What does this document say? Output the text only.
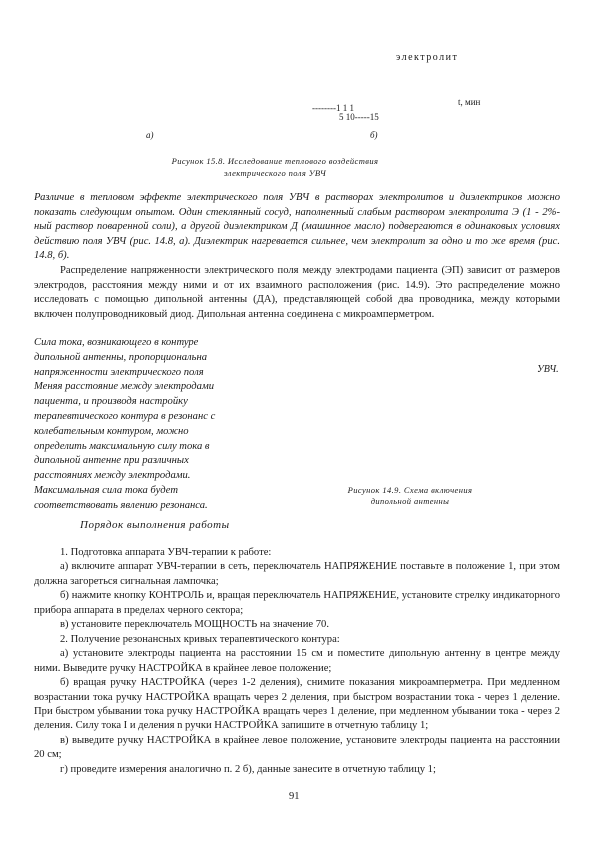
электролит
t, мин
--------1 1 1
5 10-----15
а)	б)
Рисунок 15.8. Исследование теплового воздействия
электрического поля УВЧ
Различие в тепловом эффекте электрического поля УВЧ в растворах электролитов и диэлектриков можно показать следующим опытом. Один стеклянный сосуд, наполненный слабым раствором электролита Э (1 - 2%-ный раствор поваренной соли), а другой диэлектриком Д (машинное масло) подвергаются в одинаковых условиях действию поля УВЧ (рис. 14.8, а). Диэлектрик нагревается сильнее, чем электролит за одно и то же время (рис. 14.8, б).
Распределение напряженности электрического поля между электродами пациента (ЭП) зависит от размеров электродов, расстояния между ними и от их взаимного расположения (рис. 14.9). Это распределение можно исследовать с помощью дипольной антенны (ДА), представляющей собой два проводника, между которыми включен полупроводниковый диод. Дипольная антенна соединена с микроамперметром.
Сила тока, возникающего в контуре
дипольной антенны, пропорциональна
напряженности электрического поля
Меняя расстояние между электродами
пациента, и производя настройку
терапевтического контура в резонанс с
колебательным контуром, можно
определить максимальную силу тока в
дипольной антенне при различных
расстояниях между электродами.
Максимальная сила тока будет
соответствовать явлению резонанса.
УВЧ.
Рисунок 14.9. Схема включения
дипольной антенны
Порядок выполнения работы

1. Подготовка аппарата УВЧ-терапии к работе:

а) включите аппарат УВЧ-терапии в сеть, переключатель НАПРЯЖЕНИЕ поставьте в положение 1, при этом должна загореться сигнальная лампочка;

б) нажмите кнопку КОНТРОЛЬ и, вращая переключатель НАПРЯЖЕНИЕ, установите стрелку индикаторного прибора аппарата в пределах черного сектора;

в) установите переключатель МОЩНОСТЬ на значение 70.

2. Получение резонансных кривых терапевтического контура:

а) установите электроды пациента на расстоянии 15 см и поместите дипольную антенну в центре между ними. Выведите ручку НАСТРОЙКА в крайнее левое положение;

б) вращая ручку НАСТРОЙКА (через 1-2 деления), снимите показания микроамперметра. При медленном возрастании тока ручку НАСТРОЙКА вращать через 2 деления, при быстром возрастании тока - через 1 деление. При быстром убывании тока ручку НАСТРОЙКА вращать через 1 деление, при медленном убывании тока - через 2 деления. Силу тока I и деления n ручки НАСТРОЙКА запишите в отчетную таблицу 1;

в) выведите ручку НАСТРОЙКА в крайнее левое положение, установите электроды пациента на расстоянии 20 см;

г) проведите измерения аналогично п. 2 б), данные занесите в отчетную таблицу 1;

91
